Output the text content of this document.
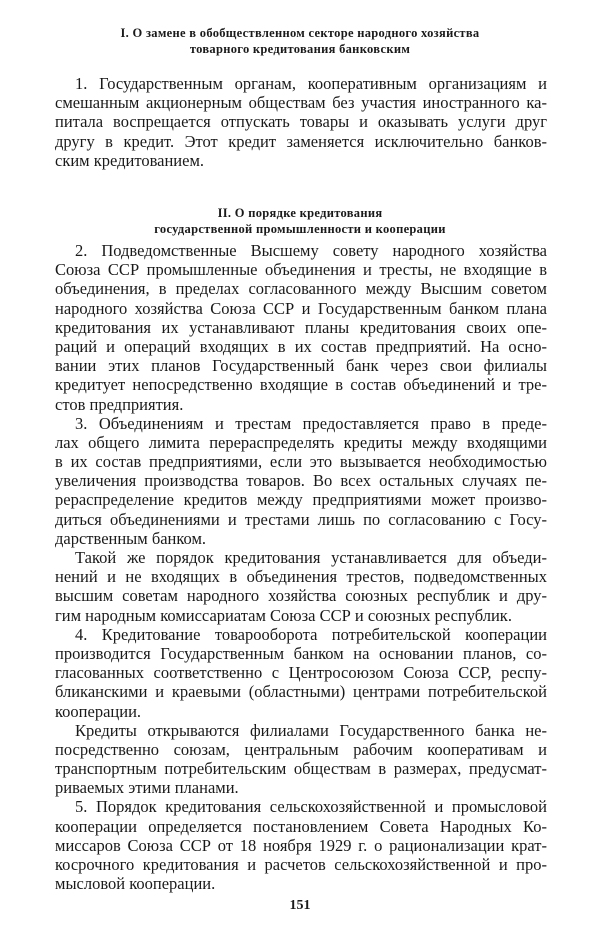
I. О замене в обобществленном секторе народного хозяйства
товарного кредитования банковским
1. Государственным органам, кооперативным организациям и
смешанным акционерным обществам без участия иностранного ка-
питала воспрещается отпускать товары и оказывать услуги друг
другу в кредит. Этот кредит заменяется исключительно банков-
ским кредитованием.
II. О порядке кредитования
государственной промышленности и кооперации
2. Подведомственные Высшему совету народного хозяйства
Союза ССР промышленные объединения и тресты, не входящие в
объединения, в пределах согласованного между Высшим советом
народного хозяйства Союза ССР и Государственным банком плана
кредитования их устанавливают планы кредитования своих опе-
раций и операций входящих в их состав предприятий. На осно-
вании этих планов Государственный банк через свои филиалы
кредитует непосредственно входящие в состав объединений и тре-
стов предприятия.
3. Объединениям и трестам предоставляется право в преде-
лах общего лимита перераспределять кредиты между входящими
в их состав предприятиями, если это вызывается необходимостью
увеличения производства товаров. Во всех остальных случаях пе-
рераспределение кредитов между предприятиями может произво-
диться объединениями и трестами лишь по согласованию с Госу-
дарственным банком.
Такой же порядок кредитования устанавливается для объеди-
нений и не входящих в объединения трестов, подведомственных
высшим советам народного хозяйства союзных республик и дру-
гим народным комиссариатам Союза ССР и союзных республик.
4. Кредитование товарооборота потребительской кооперации
производится Государственным банком на основании планов, со-
гласованных соответственно с Центросоюзом Союза ССР, респу-
бликанскими и краевыми (областными) центрами потребительской
кооперации.
Кредиты открываются филиалами Государственного банка не-
посредственно союзам, центральным рабочим кооперативам и
транспортным потребительским обществам в размерах, предусмат-
риваемых этими планами.
5. Порядок кредитования сельскохозяйственной и промысловой
кооперации определяется постановлением Совета Народных Ко-
миссаров Союза ССР от 18 ноября 1929 г. о рационализации крат-
косрочного кредитования и расчетов сельскохозяйственной и про-
мысловой кооперации.
151
